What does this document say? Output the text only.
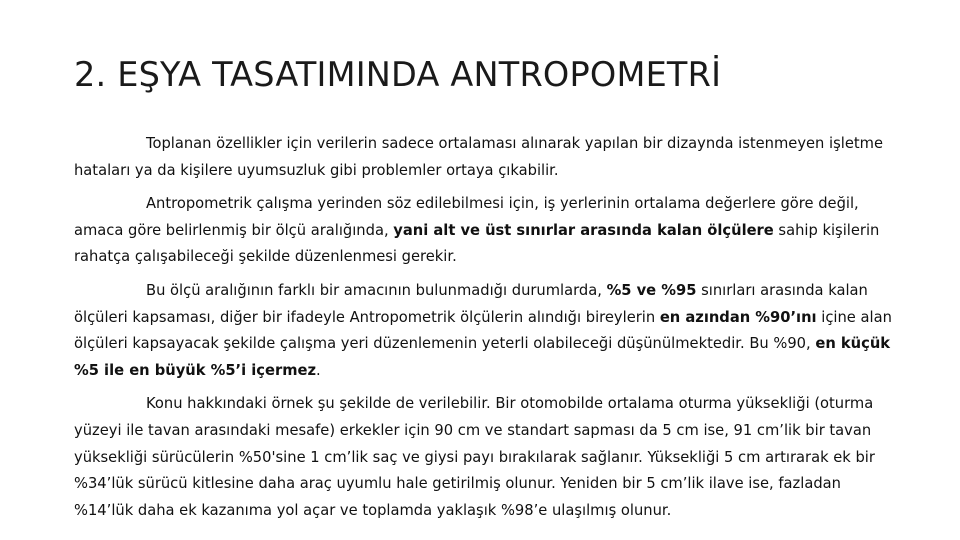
2. EŞYA TASATIMINDA ANTROPOMETRİ

Toplanan özellikler için verilerin sadece ortalaması alınarak yapılan bir dizaynda istenmeyen işletme hataları ya da kişilere uyumsuzluk gibi problemler ortaya çıkabilir.

Antropometrik çalışma yerinden söz edilebilmesi için, iş yerlerinin ortalama değerlere göre değil, amaca göre belirlenmiş bir ölçü aralığında, yani alt ve üst sınırlar arasında kalan ölçülere sahip kişilerin rahatça çalışabileceği şekilde düzenlenmesi gerekir.

Bu ölçü aralığının farklı bir amacının bulunmadığı durumlarda, %5 ve %95 sınırları arasında kalan ölçüleri kapsaması, diğer bir ifadeyle Antropometrik ölçülerin alındığı bireylerin en azından %90’ını içine alan ölçüleri kapsayacak şekilde çalışma yeri düzenlemenin yeterli olabileceği düşünülmektedir. Bu %90, en küçük %5 ile en büyük %5’i içermez.

Konu hakkındaki örnek şu şekilde de verilebilir. Bir otomobilde ortalama oturma yüksekliği (oturma yüzeyi ile tavan arasındaki mesafe) erkekler için 90 cm ve standart sapması da 5 cm ise, 91 cm’lik bir tavan yüksekliği sürücülerin %50'sine 1 cm’lik saç ve giysi payı bırakılarak sağlanır. Yüksekliği 5 cm artırarak ek bir %34’lük sürücü kitlesine daha araç uyumlu hale getirilmiş olunur. Yeniden bir 5 cm’lik ilave ise, fazladan %14’lük daha ek kazanıma yol açar ve toplamda yaklaşık %98’e ulaşılmış olunur.
